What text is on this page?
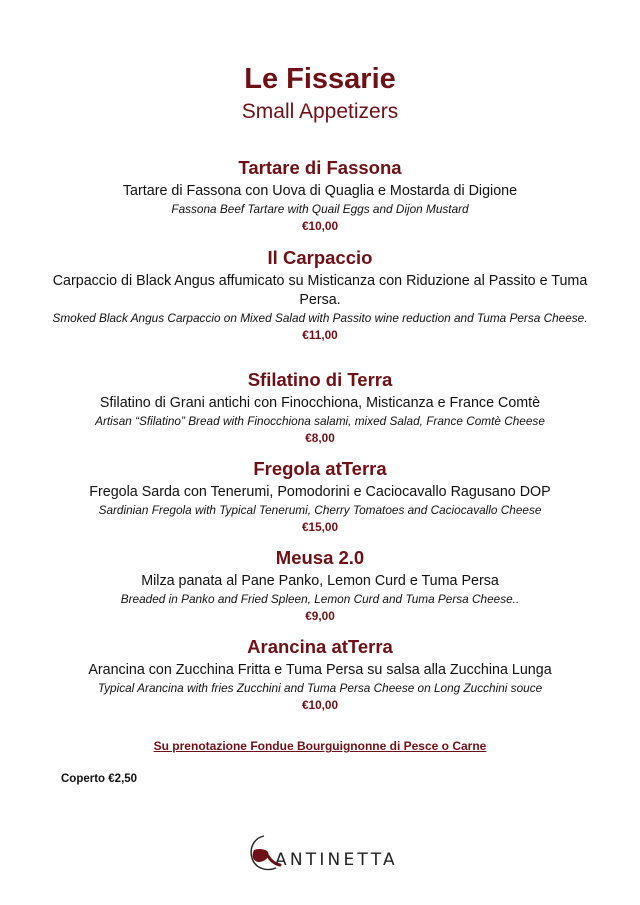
Le Fissarie
Small Appetizers
Tartare di Fassona
Tartare di Fassona con Uova di Quaglia e Mostarda di Digione
Fassona Beef Tartare with Quail Eggs and Dijon Mustard
€10,00
Il Carpaccio
Carpaccio di Black Angus affumicato su Misticanza con Riduzione al Passito e Tuma Persa.
Smoked Black Angus Carpaccio on Mixed Salad with Passito wine reduction and Tuma Persa Cheese.
€11,00
Sfilatino di Terra
Sfilatino di Grani antichi con Finocchiona, Misticanza e France Comtè
Artisan “Sfilatino” Bread with Finocchiona salami, mixed Salad, France Comtè Cheese
€8,00
Fregola atTerra
Fregola Sarda con Tenerumi, Pomodorini e Caciocavallo Ragusano DOP
Sardinian Fregola with Typical Tenerumi, Cherry Tomatoes and Caciocavallo Cheese
€15,00
Meusa 2.0
Milza panata al Pane Panko, Lemon Curd e Tuma Persa
Breaded in Panko and Fried Spleen, Lemon Curd and Tuma Persa Cheese..
€9,00
Arancina atTerra
Arancina con Zucchina Fritta e Tuma Persa su salsa alla Zucchina Lunga
Typical Arancina with fries Zucchini and Tuma Persa Cheese on Long Zucchini souce
€10,00
Su prenotazione Fondue Bourguignonne di Pesce o Carne
Coperto €2,50
ANTINETTA
